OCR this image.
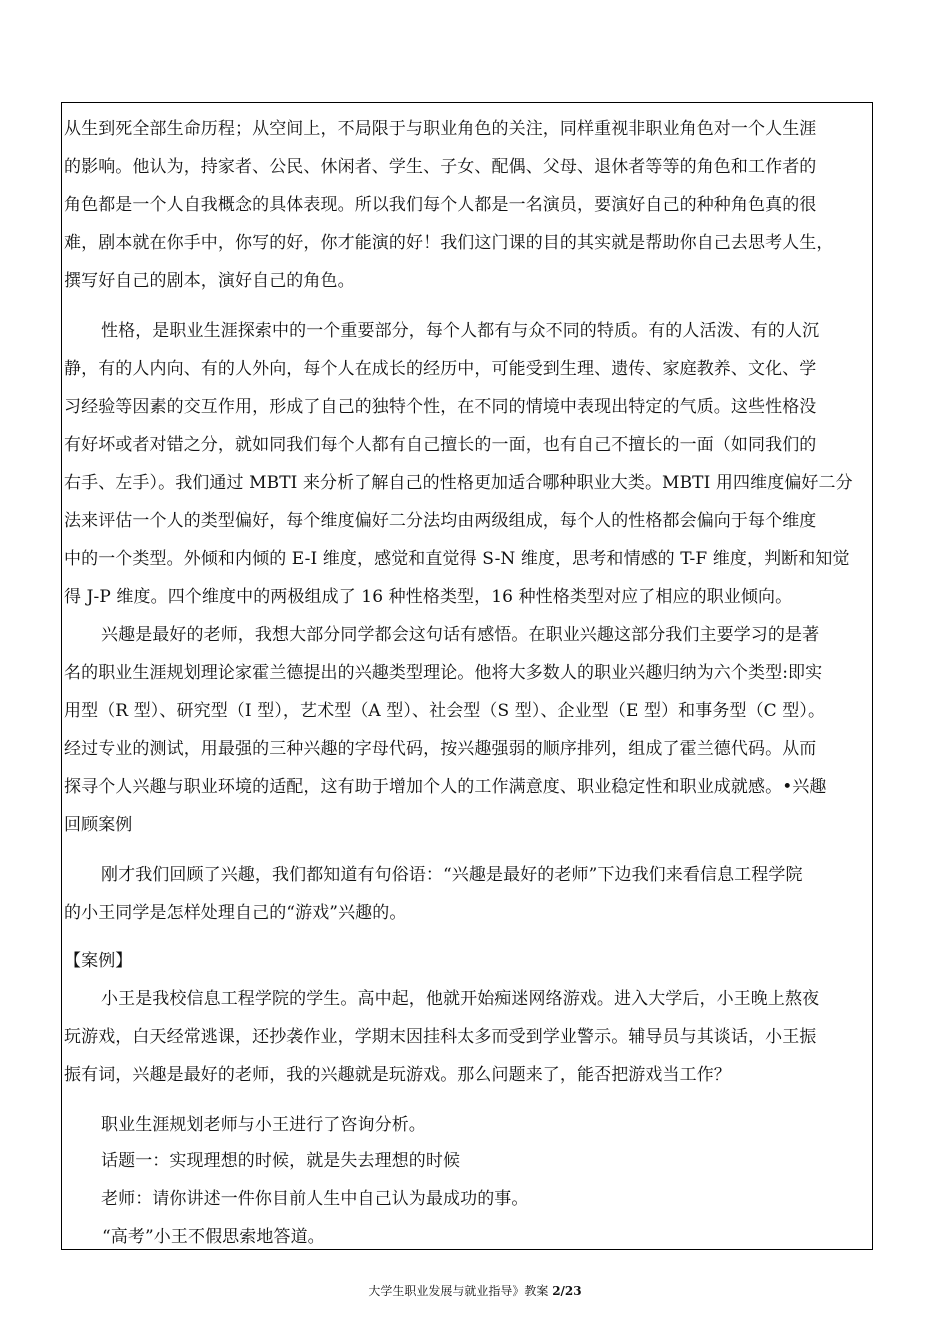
从生到死全部生命历程；从空间上，不局限于与职业角色的关注，同样重视非职业角色对一个人生涯
的影响。他认为，持家者、公民、休闲者、学生、子女、配偶、父母、退休者等等的角色和工作者的
角色都是一个人自我概念的具体表现。所以我们每个人都是一名演员，要演好自己的种种角色真的很
难，剧本就在你手中，你写的好，你才能演的好！我们这门课的目的其实就是帮助你自己去思考人生，
撰写好自己的剧本，演好自己的角色。
性格，是职业生涯探索中的一个重要部分，每个人都有与众不同的特质。有的人活泼、有的人沉
静，有的人内向、有的人外向，每个人在成长的经历中，可能受到生理、遗传、家庭教养、文化、学
习经验等因素的交互作用，形成了自己的独特个性，在不同的情境中表现出特定的气质。这些性格没
有好坏或者对错之分，就如同我们每个人都有自己擅长的一面，也有自己不擅长的一面（如同我们的
右手、左手）。我们通过 MBTI 来分析了解自己的性格更加适合哪种职业大类。MBTI 用四维度偏好二分
法来评估一个人的类型偏好，每个维度偏好二分法均由两级组成，每个人的性格都会偏向于每个维度
中的一个类型。外倾和内倾的 E-I 维度，感觉和直觉得 S-N 维度，思考和情感的 T-F 维度，判断和知觉
得 J-P 维度。四个维度中的两极组成了 16 种性格类型，16 种性格类型对应了相应的职业倾向。
兴趣是最好的老师，我想大部分同学都会这句话有感悟。在职业兴趣这部分我们主要学习的是著
名的职业生涯规划理论家霍兰德提出的兴趣类型理论。他将大多数人的职业兴趣归纳为六个类型:即实
用型（R 型）、研究型（I 型），艺术型（A 型）、社会型（S 型）、企业型（E 型）和事务型（C 型）。
经过专业的测试，用最强的三种兴趣的字母代码，按兴趣强弱的顺序排列，组成了霍兰德代码。从而
探寻个人兴趣与职业环境的适配，这有助于增加个人的工作满意度、职业稳定性和职业成就感。•兴趣
回顾案例
刚才我们回顾了兴趣，我们都知道有句俗语：“兴趣是最好的老师”下边我们来看信息工程学院
的小王同学是怎样处理自己的“游戏”兴趣的。
【案例】
小王是我校信息工程学院的学生。高中起，他就开始痴迷网络游戏。进入大学后，小王晚上熬夜
玩游戏，白天经常逃课，还抄袭作业，学期末因挂科太多而受到学业警示。辅导员与其谈话，小王振
振有词，兴趣是最好的老师，我的兴趣就是玩游戏。那么问题来了，能否把游戏当工作？
职业生涯规划老师与小王进行了咨询分析。
话题一：实现理想的时候，就是失去理想的时候
老师：请你讲述一件你目前人生中自己认为最成功的事。
“高考”小王不假思索地答道。
大学生职业发展与就业指导》教案 2/23
